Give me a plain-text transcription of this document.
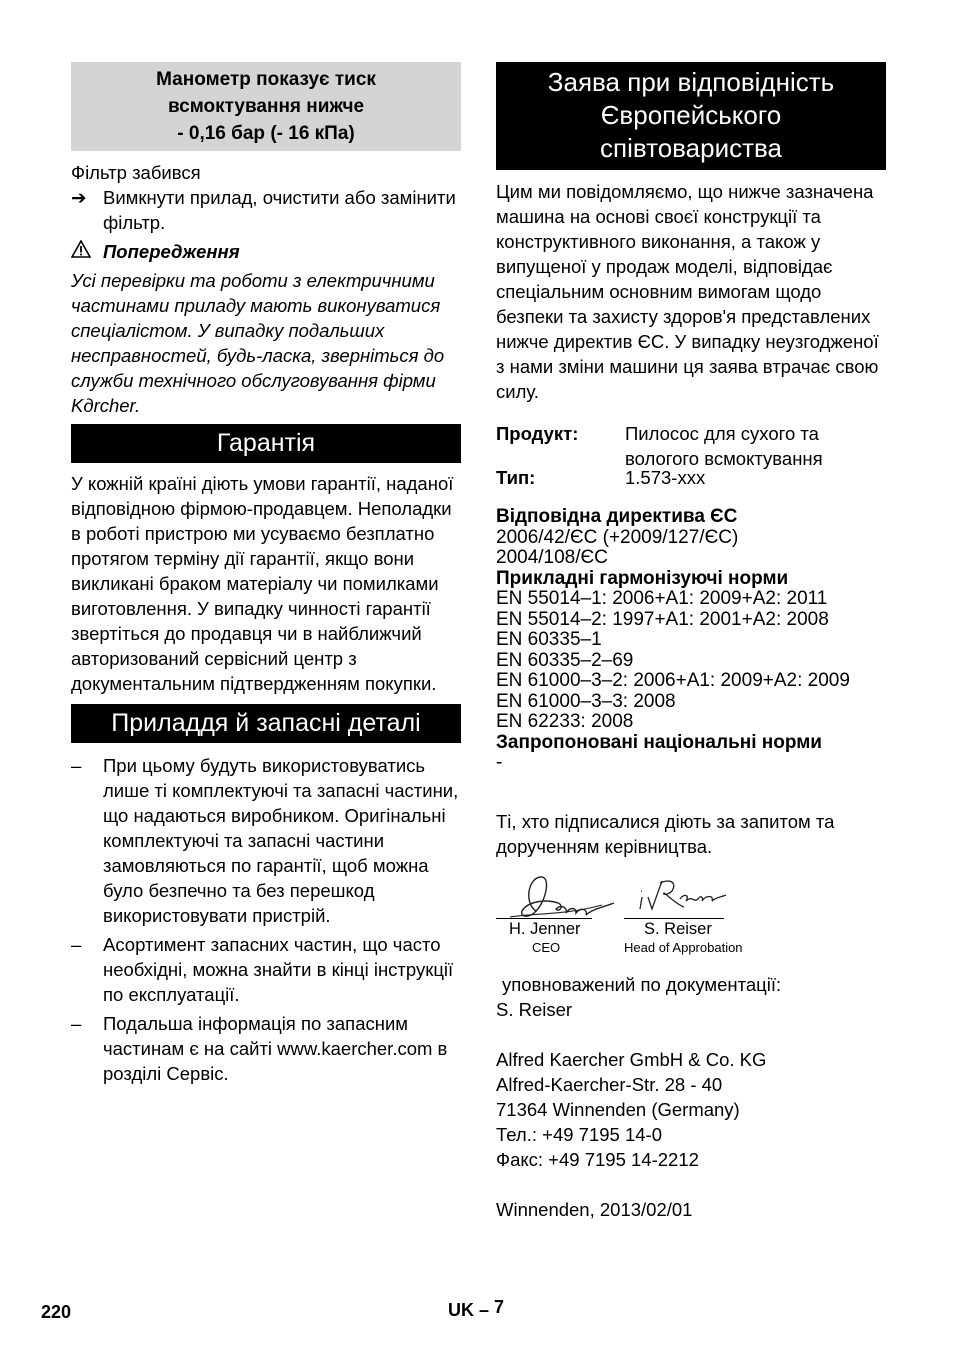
Манометр показує тиск
всмоктування нижче
- 0,16 бар (- 16 кПа)

Фільтр забився

➔ Вимкнути прилад, очистити або замінити фільтр.
Попередження

Усі перевірки та роботи з електричними частинами приладу мають виконуватися спеціалістом. У випадку подальших несправностей, будь-ласка, зверніться до служби технічного обслуговування фірми Kдrcher.

Гарантія

У кожній країні діють умови гарантії, наданої відповідною фірмою-продавцем. Неполадки в роботі пристрою ми усуваємо безплатно протягом терміну дії гарантії, якщо вони викликані браком матеріалу чи помилками виготовлення. У випадку чинності гарантії звертіться до продавця чи в найближчий авторизований сервісний центр з документальним підтвердженням покупки.

Приладдя й запасні деталі
–	При цьому будуть використовуватись лише ті комплектуючі та запасні частини, що надаються виробником. Оригінальні комплектуючі та запасні частини замовляються по гарантії, щоб можна було безпечно та без перешкод використовувати пристрій.
–	Асортимент запасних частин, що часто необхідні, можна знайти в кінці інструкції по експлуатації.
–	Подальша інформація по запасним частинам є на сайті www.kaercher.com в розділі Сервіс.
Заява при відповідність
Європейського
співтовариства

Цим ми повідомляємо, що нижче зазначена машина на основі своєї конструкції та конструктивного виконання, а також у випущеної у продаж моделі, відповідає спеціальним основним вимогам щодо безпеки та захисту здоров'я представлених нижче директив ЄС. У випадку неузгодженої з нами зміни машини ця заява втрачає свою силу.

Продукт:	Пилосос для сухого та вологого всмоктування
Тип:	1.573-xxx
Відповідна директива ЄС
2006/42/ЄС (+2009/127/ЄС)
2004/108/ЄС
Прикладні гармонізуючі норми
EN 55014–1: 2006+A1: 2009+A2: 2011
EN 55014–2: 1997+A1: 2001+A2: 2008
EN 60335–1
EN 60335–2–69
EN 61000–3–2: 2006+A1: 2009+A2: 2009
EN 61000–3–3: 2008
EN 62233: 2008
Запропоновані національні норми
-

Ті, хто підписалися діють за запитом та дорученням керівництва.

H. Jenner
CEO
S. Reiser
Head of Approbation

уповноважений по документації:

S. Reiser

Alfred Kaercher GmbH & Co. KG
Alfred-Kaercher-Str. 28 - 40
71364 Winnenden (Germany)
Тел.: +49 7195 14-0
Факс: +49 7195 14-2212

Winnenden, 2013/02/01

220	UK – 7
